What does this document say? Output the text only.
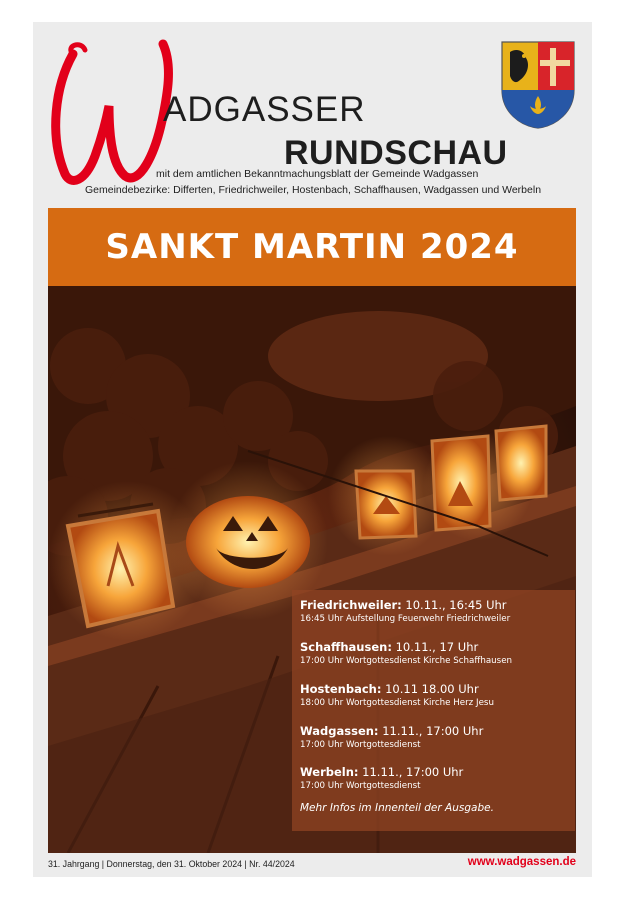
ADGASSER
RUNDSCHAU
mit dem amtlichen Bekanntmachungsblatt der Gemeinde Wadgassen
Gemeindebezirke: Differten, Friedrichweiler, Hostenbach, Schaffhausen, Wadgassen und Werbeln
SANKT MARTIN 2024
Friedrichweiler: 10.11., 16:45 Uhr
16:45 Uhr Aufstellung Feuerwehr Friedrichweiler
Schaffhausen: 10.11., 17 Uhr
17:00 Uhr Wortgottesdienst Kirche Schaffhausen
Hostenbach: 10.11 18.00 Uhr
18:00 Uhr Wortgottesdienst Kirche Herz Jesu
Wadgassen: 11.11., 17:00 Uhr
17:00 Uhr Wortgottesdienst
Werbeln: 11.11., 17:00 Uhr
17:00 Uhr Wortgottesdienst
Mehr Infos im Innenteil der Ausgabe.
31. Jahrgang | Donnerstag, den 31. Oktober 2024 | Nr. 44/2024	www.wadgassen.de
